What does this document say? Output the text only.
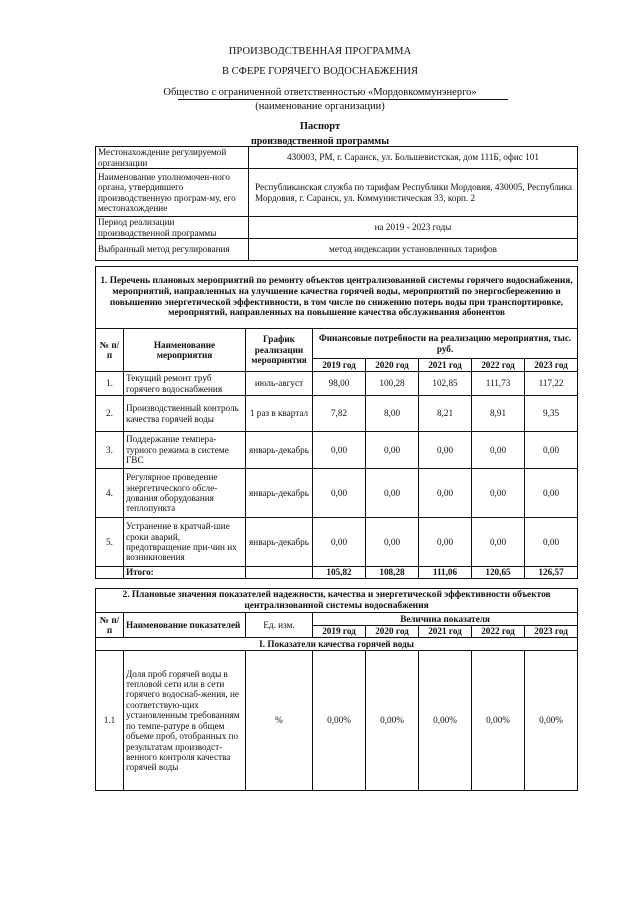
ПРОИЗВОДСТВЕННАЯ ПРОГРАММА
В СФЕРЕ ГОРЯЧЕГО ВОДОСНАБЖЕНИЯ
Общество с ограниченной ответственностью «Мордовкоммунэнерго»
(наименование организации)
Паспорт
производственной программы
Местонахождение регулируемой организации	430003, РМ, г. Саранск, ул. Большевистская, дом 111Б, офис 101
Наименование уполномочен-ного органа, утвердившего производственную програм-му, его местонахождение	Республиканская служба по тарифам Республики Мордовия, 430005, Республика Мордовия, г. Саранск, ул. Коммунистическая 33, корп. 2
Период реализации производственной программы	на 2019 - 2023 годы
Выбранный метод регулирования	метод индексации установленных тарифов
1. Перечень плановых мероприятий по ремонту объектов централизованной системы горячего водоснабжения, мероприятий, направленных на улучшение качества горячей воды, мероприятий по энергосбережению и повышению энергетической эффективности, в том числе по снижению потерь воды при транспортировке, мероприятий, направленных на повышение качества обслуживания абонентов							
№ п/п	Наименование мероприятия	График реализации мероприятия	Финансовые потребности на реализацию мероприятия, тыс. руб.				
			2019 год	2020 год	2021 год	2022 год	2023 год
1.	Текущий ремонт труб горячего водоснабжения	июль-август	98,00	100,28	102,85	111,73	117,22
2.	Производственный контроль качества горячей воды	1 раз в квартал	7,82	8,00	8,21	8,91	9,35
3.	Поддержание темпера-турного режима в системе ГВС	январь-декабрь	0,00	0,00	0,00	0,00	0,00
4.	Регулярное проведение энергетического обсле-дования оборудования теплопункта	январь-декабрь	0,00	0,00	0,00	0,00	0,00
5.	Устранение в кратчай-шие сроки аварий, предотвращение при-чин их возникновения	январь-декабрь	0,00	0,00	0,00	0,00	0,00
	Итого:		105,82	108,28	111,06	120,65	126,57
2. Плановые значения показателей надежности, качества и энергетической эффективности объектов централизованной системы водоснабжения							
№ п/п	Наименование показателей	Ед. изм.	Величина показателя				
			2019 год	2020 год	2021 год	2022 год	2023 год
I. Показатели качества горячей воды							
1.1	Доля проб горячей воды в тепловой сети или в сети горячего водоснаб-жения, не соответствую-щих установленным требованиям по темпе-ратуре в общем объеме проб, отобранных по результатам производст-венного контроля качества горячей воды	%	0,00%	0,00%	0,00%	0,00%	0,00%
